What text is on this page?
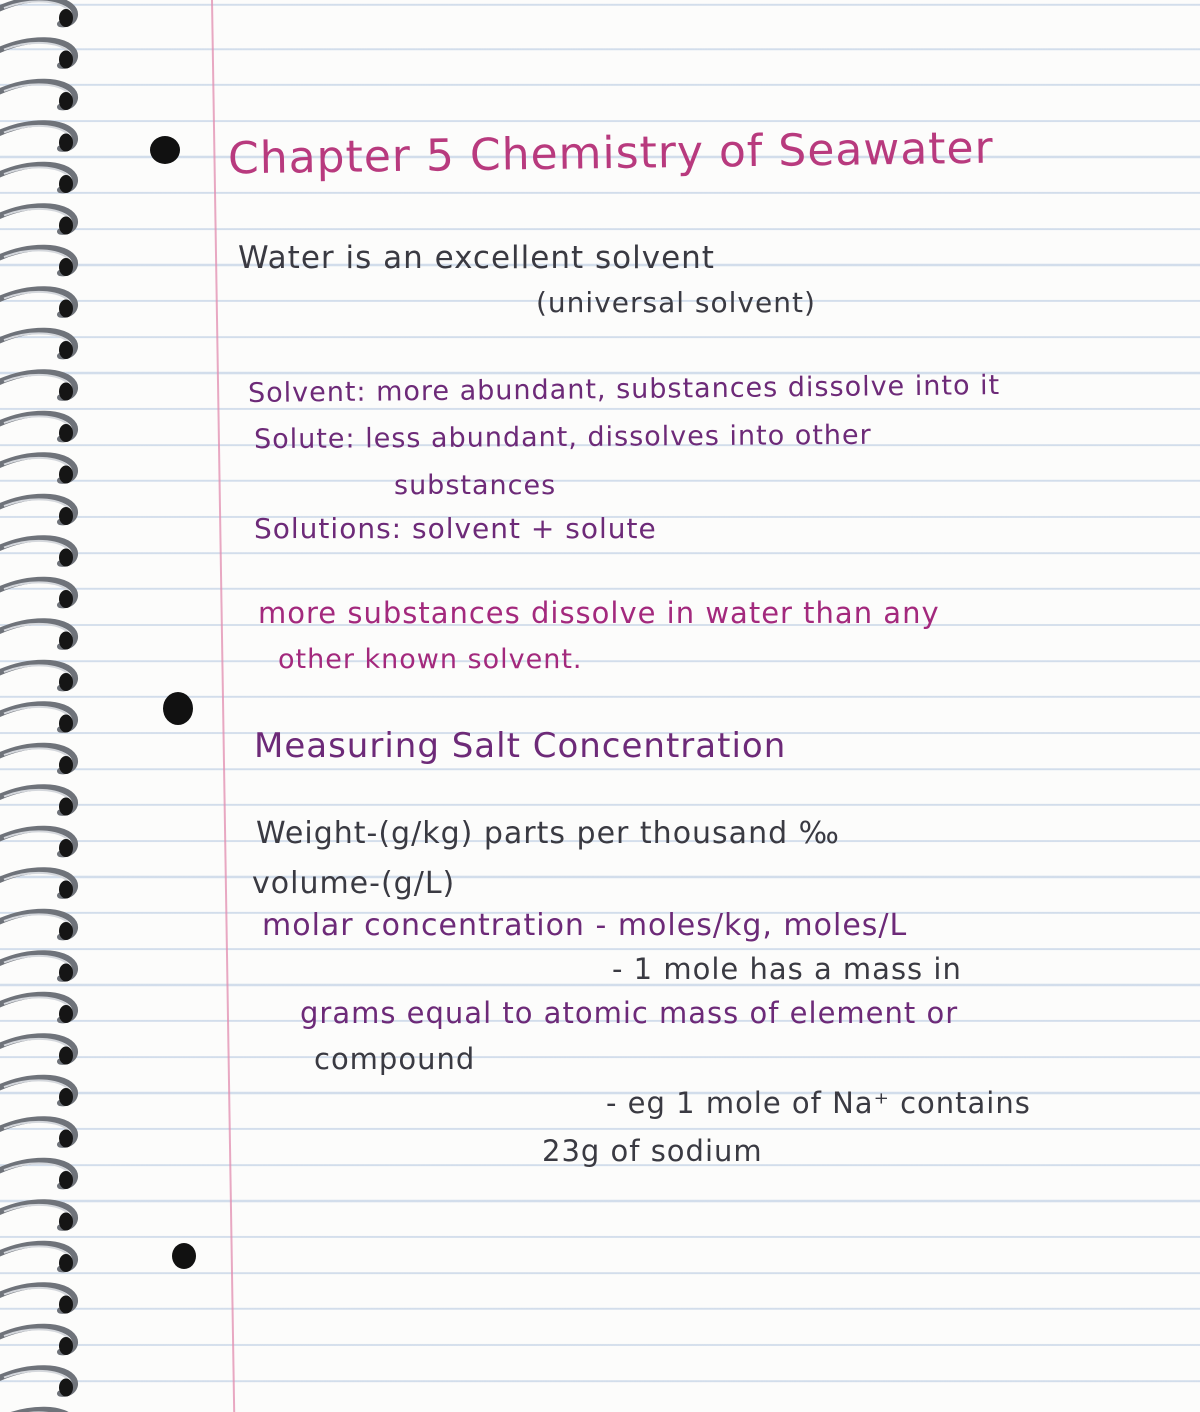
Chapter 5 Chemistry of Seawater
Water is an excellent solvent
(universal solvent)
Solvent: more abundant, substances dissolve into it
Solute: less abundant, dissolves into other
substances
Solutions: solvent + solute
more substances dissolve in water than any
other known solvent.
Measuring Salt Concentration
Weight-(g/kg) parts per thousand ‰
volume-(g/L)
molar concentration - moles/kg, moles/L
- 1 mole has a mass in
grams equal to atomic mass of element or
compound
- eg 1 mole of Na⁺ contains
23g of sodium
